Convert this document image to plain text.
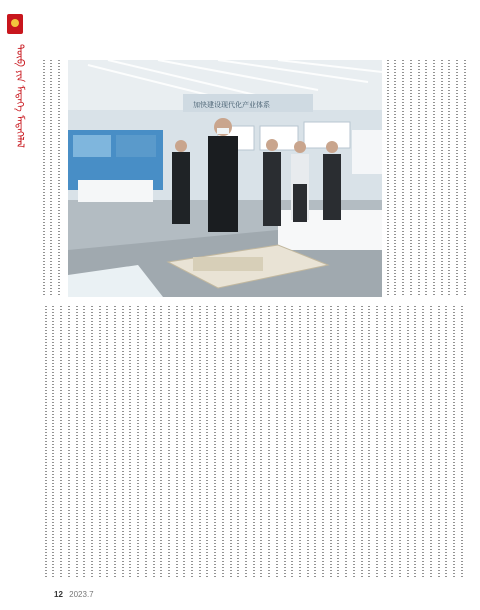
ᠲᠥᠪ ᠶᠢᠨ ᠮᠡᠳᠡᠭᠡ ᠮᠡᠳᠡᠭᠡᠯᠡᠯ
	加快建设现代化产业体系

12 2023.7
